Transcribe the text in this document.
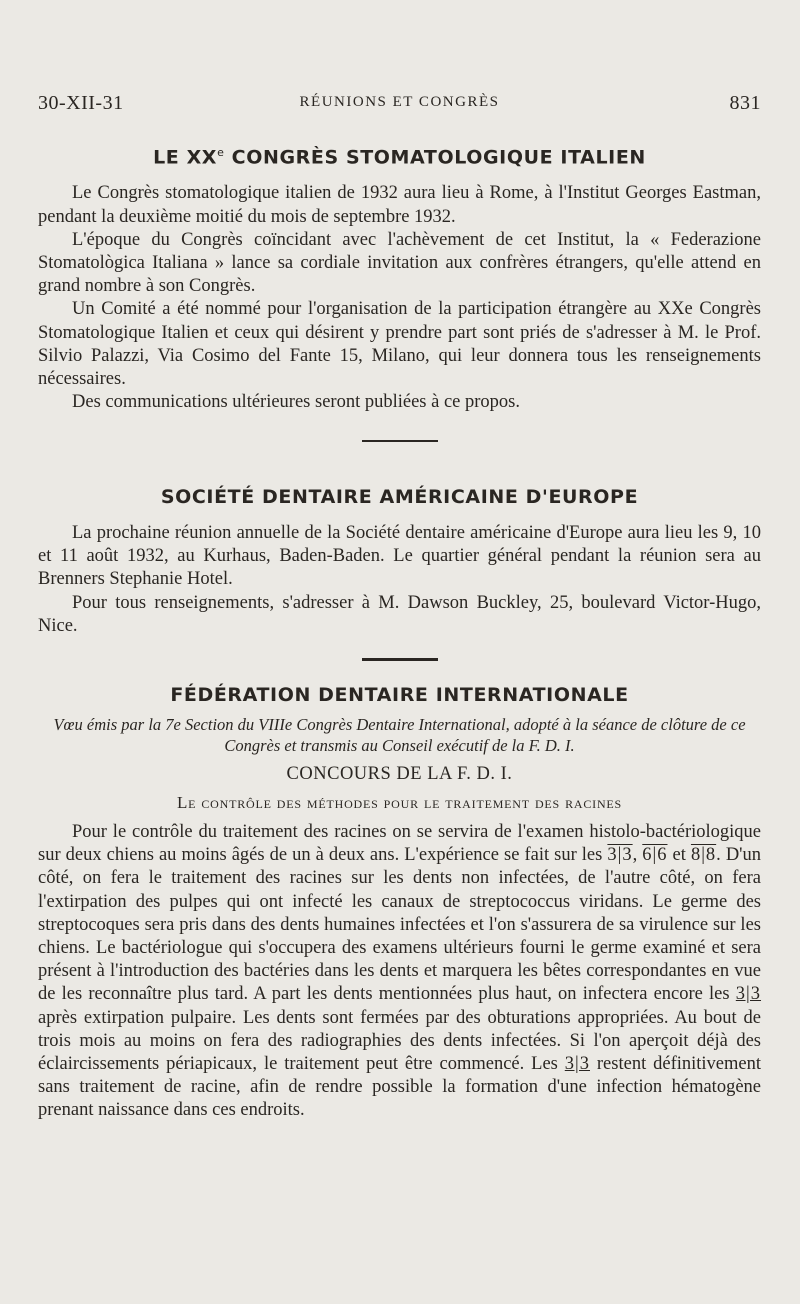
30-XII-31	RÉUNIONS ET CONGRÈS	831
LE XXe CONGRÈS STOMATOLOGIQUE ITALIEN

Le Congrès stomatologique italien de 1932 aura lieu à Rome, à l'Institut Georges Eastman, pendant la deuxième moitié du mois de septembre 1932.

L'époque du Congrès coïncidant avec l'achèvement de cet Institut, la « Federazione Stomatològica Italiana » lance sa cordiale invitation aux confrères étrangers, qu'elle attend en grand nombre à son Congrès.

Un Comité a été nommé pour l'organisation de la participation étrangère au XXe Congrès Stomatologique Italien et ceux qui désirent y prendre part sont priés de s'adresser à M. le Prof. Silvio Palazzi, Via Cosimo del Fante 15, Milano, qui leur donnera tous les renseignements nécessaires.

Des communications ultérieures seront publiées à ce propos.

SOCIÉTÉ DENTAIRE AMÉRICAINE D'EUROPE

La prochaine réunion annuelle de la Société dentaire américaine d'Europe aura lieu les 9, 10 et 11 août 1932, au Kurhaus, Baden-Baden. Le quartier général pendant la réunion sera au Brenners Stephanie Hotel.

Pour tous renseignements, s'adresser à M. Dawson Buckley, 25, boulevard Victor-Hugo, Nice.

FÉDÉRATION DENTAIRE INTERNATIONALE

Vœu émis par la 7e Section du VIIIe Congrès Dentaire International, adopté à la séance de clôture de ce Congrès et transmis au Conseil exécutif de la F. D. I.

CONCOURS DE LA F. D. I.

Le contrôle des méthodes pour le traitement des racines

Pour le contrôle du traitement des racines on se servira de l'examen histolo-bactériologique sur deux chiens au moins âgés de un à deux ans. L'expérience se fait sur les 3|3, 6|6 et 8|8. D'un côté, on fera le traitement des racines sur les dents non infectées, de l'autre côté, on fera l'extirpation des pulpes qui ont infecté les canaux de streptococcus viridans. Le germe des streptocoques sera pris dans des dents humaines infectées et l'on s'assurera de sa virulence sur les chiens. Le bactériologue qui s'occupera des examens ultérieurs fourni le germe examiné et sera présent à l'introduction des bactéries dans les dents et marquera les bêtes correspondantes en vue de les reconnaître plus tard. A part les dents mentionnées plus haut, on infectera encore les 3|3 après extirpation pulpaire. Les dents sont fermées par des obturations appropriées. Au bout de trois mois au moins on fera des radiographies des dents infectées. Si l'on aperçoit déjà des éclaircissements périapicaux, le traitement peut être commencé. Les 3|3 restent définitivement sans traitement de racine, afin de rendre possible la formation d'une infection hématogène prenant naissance dans ces endroits.
